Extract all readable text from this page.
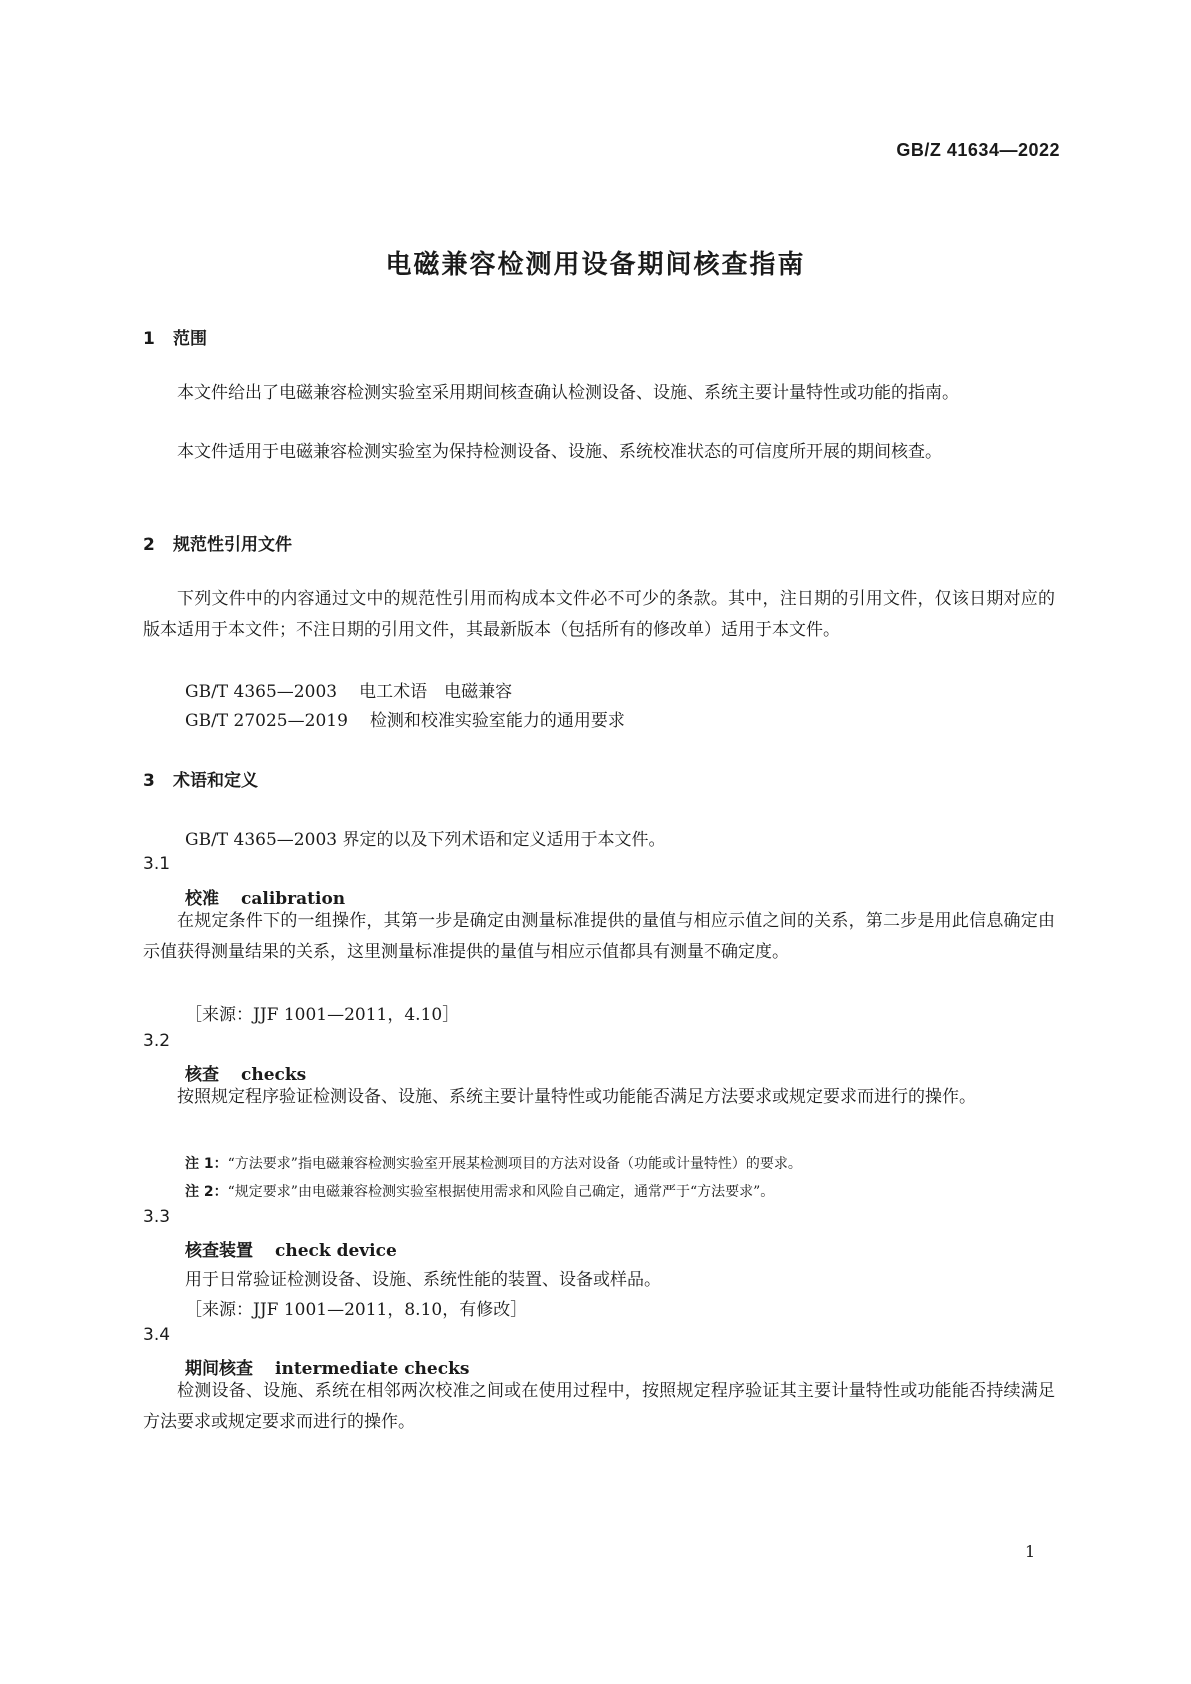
GB/Z 41634—2022
电磁兼容检测用设备期间核查指南
1 范围
本文件给出了电磁兼容检测实验室采用期间核查确认检测设备、设施、系统主要计量特性或功能的指南。
本文件适用于电磁兼容检测实验室为保持检测设备、设施、系统校准状态的可信度所开展的期间核查。
2 规范性引用文件
下列文件中的内容通过文中的规范性引用而构成本文件必不可少的条款。其中，注日期的引用文件，仅该日期对应的版本适用于本文件；不注日期的引用文件，其最新版本（包括所有的修改单）适用于本文件。
GB/T 4365—2003 电工术语　电磁兼容
GB/T 27025—2019 检测和校准实验室能力的通用要求
3 术语和定义
GB/T 4365—2003 界定的以及下列术语和定义适用于本文件。
3.1
校准 calibration
在规定条件下的一组操作，其第一步是确定由测量标准提供的量值与相应示值之间的关系，第二步是用此信息确定由示值获得测量结果的关系，这里测量标准提供的量值与相应示值都具有测量不确定度。
［来源：JJF 1001—2011，4.10］
3.2
核查 checks
按照规定程序验证检测设备、设施、系统主要计量特性或功能能否满足方法要求或规定要求而进行的操作。
注 1：“方法要求”指电磁兼容检测实验室开展某检测项目的方法对设备（功能或计量特性）的要求。
注 2：“规定要求”由电磁兼容检测实验室根据使用需求和风险自己确定，通常严于“方法要求”。
3.3
核查装置 check device
用于日常验证检测设备、设施、系统性能的装置、设备或样品。
［来源：JJF 1001—2011，8.10，有修改］
3.4
期间核查 intermediate checks
检测设备、设施、系统在相邻两次校准之间或在使用过程中，按照规定程序验证其主要计量特性或功能能否持续满足方法要求或规定要求而进行的操作。
1
